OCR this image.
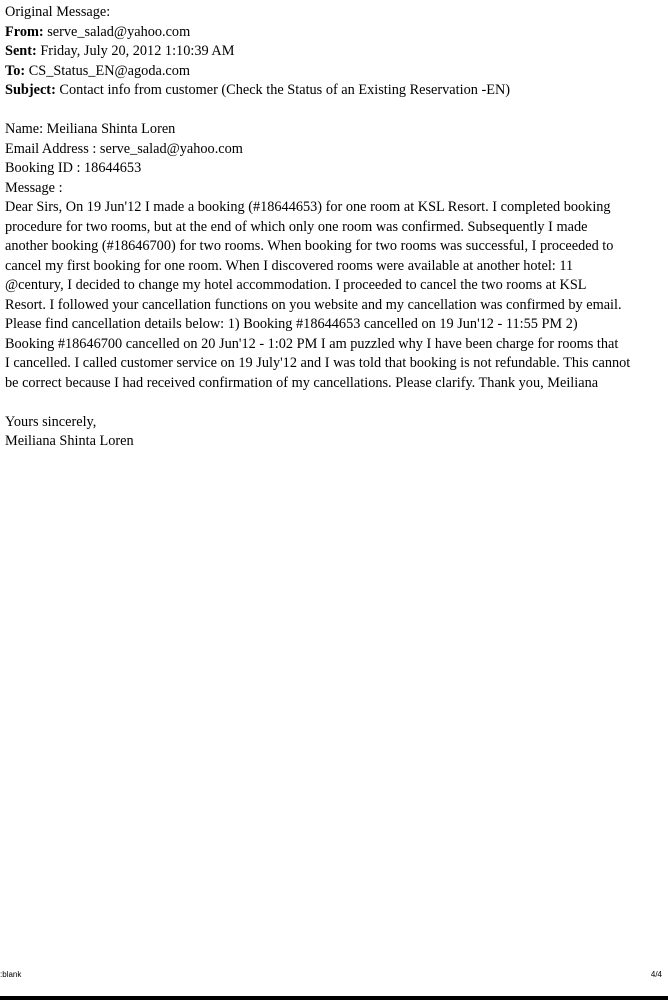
Original Message:
From: serve_salad@yahoo.com
Sent: Friday, July 20, 2012 1:10:39 AM
To: CS_Status_EN@agoda.com
Subject: Contact info from customer (Check the Status of an Existing Reservation -EN)
Name: Meiliana Shinta Loren
Email Address : serve_salad@yahoo.com
Booking ID : 18644653
Message :
Dear Sirs, On 19 Jun'12 I made a booking (#18644653) for one room at KSL Resort. I completed booking
procedure for two rooms, but at the end of which only one room was confirmed. Subsequently I made
another booking (#18646700) for two rooms. When booking for two rooms was successful, I proceeded to
cancel my first booking for one room. When I discovered rooms were available at another hotel: 11
@century, I decided to change my hotel accommodation. I proceeded to cancel the two rooms at KSL
Resort. I followed your cancellation functions on you website and my cancellation was confirmed by email.
Please find cancellation details below: 1) Booking #18644653 cancelled on 19 Jun'12 - 11:55 PM 2)
Booking #18646700 cancelled on 20 Jun'12 - 1:02 PM I am puzzled why I have been charge for rooms that
I cancelled. I called customer service on 19 July'12 and I was told that booking is not refundable. This cannot
be correct because I had received confirmation of my cancellations. Please clarify. Thank you, Meiliana
Yours sincerely,
Meiliana Shinta Loren
:blank	4/4
